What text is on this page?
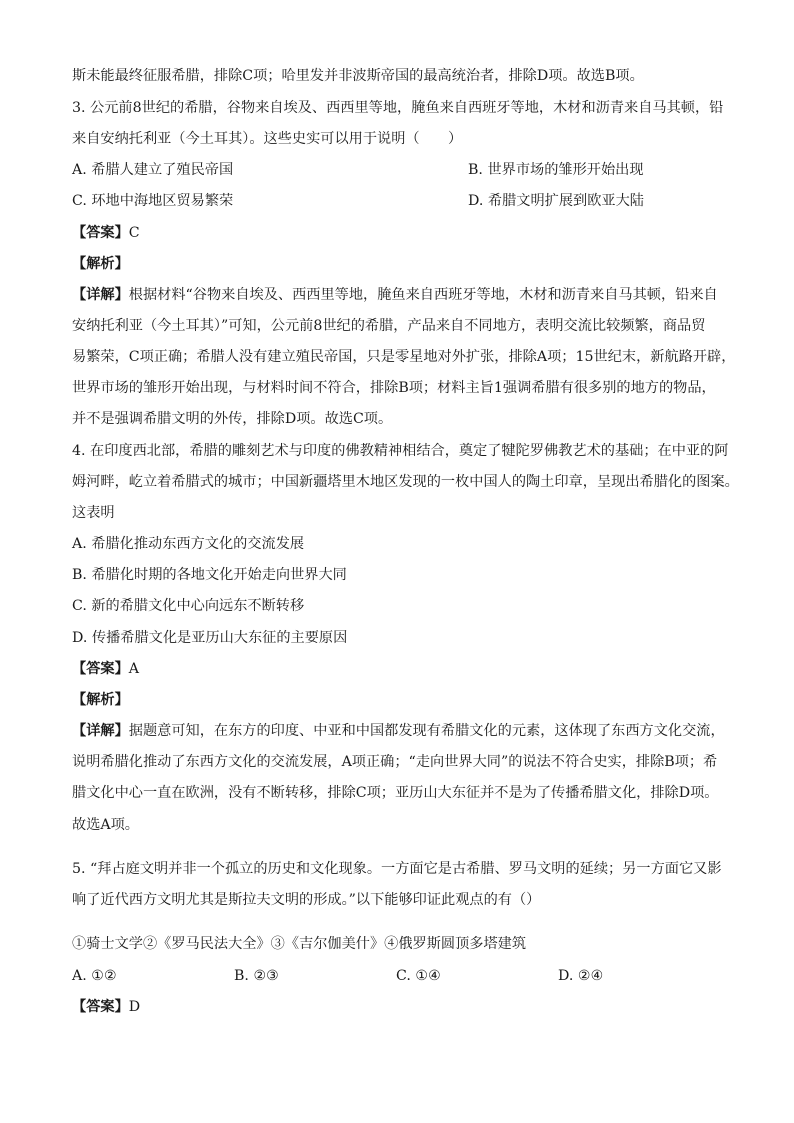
斯未能最终征服希腊，排除C项；哈里发并非波斯帝国的最高统治者，排除D项。故选B项。
3. 公元前8世纪的希腊，谷物来自埃及、西西里等地，腌鱼来自西班牙等地，木材和沥青来自马其顿，铅
来自安纳托利亚（今土耳其）。这些史实可以用于说明（　　）
A. 希腊人建立了殖民帝国	B. 世界市场的雏形开始出现
C. 环地中海地区贸易繁荣	D. 希腊文明扩展到欧亚大陆
【答案】C
【解析】
【详解】根据材料“谷物来自埃及、西西里等地，腌鱼来自西班牙等地，木材和沥青来自马其顿，铅来自
安纳托利亚（今土耳其）”可知，公元前8世纪的希腊，产品来自不同地方，表明交流比较频繁，商品贸
易繁荣，C项正确；希腊人没有建立殖民帝国，只是零星地对外扩张，排除A项；15世纪末，新航路开辟，
世界市场的雏形开始出现，与材料时间不符合，排除B项；材料主旨1强调希腊有很多别的地方的物品，
并不是强调希腊文明的外传，排除D项。故选C项。
4. 在印度西北部，希腊的雕刻艺术与印度的佛教精神相结合，奠定了犍陀罗佛教艺术的基础；在中亚的阿
姆河畔，屹立着希腊式的城市；中国新疆塔里木地区发现的一枚中国人的陶土印章，呈现出希腊化的图案。
这表明
A. 希腊化推动东西方文化的交流发展
B. 希腊化时期的各地文化开始走向世界大同
C. 新的希腊文化中心向远东不断转移
D. 传播希腊文化是亚历山大东征的主要原因
【答案】A
【解析】
【详解】据题意可知，在东方的印度、中亚和中国都发现有希腊文化的元素，这体现了东西方文化交流，
说明希腊化推动了东西方文化的交流发展，A项正确；“走向世界大同”的说法不符合史实，排除B项；希
腊文化中心一直在欧洲，没有不断转移，排除C项；亚历山大东征并不是为了传播希腊文化，排除D项。
故选A项。
5. “拜占庭文明并非一个孤立的历史和文化现象。一方面它是古希腊、罗马文明的延续；另一方面它又影
响了近代西方文明尤其是斯拉夫文明的形成。”以下能够印证此观点的有（）
①骑士文学②《罗马民法大全》③《吉尔伽美什》④俄罗斯圆顶多塔建筑
A. ①②	B. ②③	C. ①④	D. ②④
【答案】D
